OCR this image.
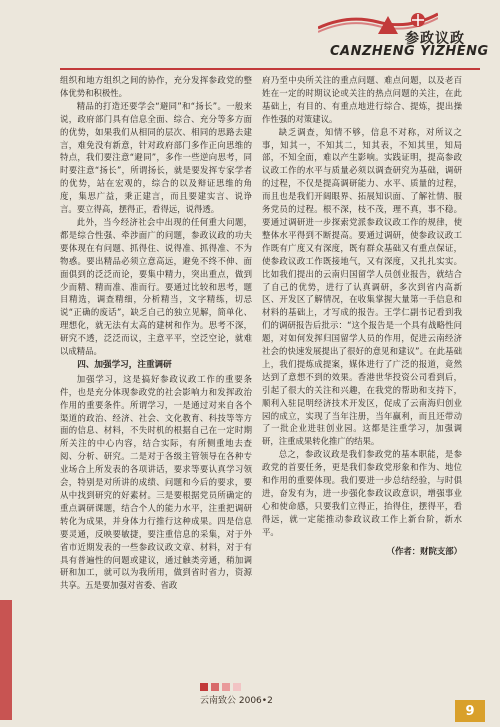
参政议政
CANZHENG YIZHENG

组织和地方组织之间的协作，充分发挥参政党的整体优势和积极性。

精品的打造还要学会“避同”和“扬长”。一般来说，政府部门具有信息全面、综合、充分等多方面的优势，如果我们从相同的层次、相同的思路去建言，难免没有新意，针对政府部门多作正向思维的特点，我们要注意“避同”，多作一些逆向思考，同时要注意“扬长”，所谓扬长，就是要发挥专家学者的优势，站在宏观的，综合的以及辩证思维的角度，集思广益，秉正建言，而且要建实言、说诤言。要立得高，摆得正，看得远，说得透。

此外，当今经济社会中出现的任何重大问题，都是综合性强、牵涉面广的问题，参政议政的功夫要体现在有问题、抓得住、说得准、抓得准、不为物惑。要出精品必须立意高远，避免不终不伸、面面俱到的泛泛而论，要集中精力，突出重点，做到少而精、精而准、准而行。要通过比较和思考，题目精选，调查精细，分析精当，文字精练，切忌说“正确的废话”，缺乏自己的独立见解，简单化、理想化，就无法有太高的建树和作为。思考不深，研究不透，泛泛而议，主意平平，空泛空论，就难以成精品。

四、加强学习，注重调研

加强学习，这是搞好参政议政工作的重要条件，也是充分体现参政党的社会影响力和发挥政治作用的重要条件。所谓学习，一是通过对来自各个渠道的政治、经济、社会、文化教育、科技等等方面的信息、材料，不失时机的根据自己在一定时期所关注的中心内容，结合实际，有所侧重地去查阅、分析、研究。二是对于各级主管领导在各种专业场合上所发表的各项讲话，要求等要认真学习领会，特别是对所讲的成绩、问题和今后的要求，要从中找到研究的好素材。三是要根据党员所确定的重点调研课题，结合个人的能力水平，注重把调研转化为成果，并身体力行推行这种成果。四是信息要灵通，反映要敏捷，要注重信息的采集，对于外省市近期发表的一些参政议政文章、材料，对于有具有普遍性的问题或建议，通过触类旁通，稍加调研和加工，就可以为我所用，做到省时省力，资源共享。五是要加强对省委、省政

府乃至中央所关注的重点问题、难点问题，以及老百姓在一定的时期议论或关注的热点问题的关注，在此基础上，有目的、有重点地进行综合、提炼，提出操作性强的对策建议。

缺乏调查，知情不够，信息不对称，对所议之事，知其一，不知其二，知其表，不知其里，知局部，不知全面，难以产生影响。实践证明，提高参政议政工作的水平与质量必须以调查研究为基础，调研的过程，不仅是提高调研能力、水平、质量的过程，而且也是我们开阔眼界、拓展知识面、了解社情、服务党员的过程。根不深，枝不茂，理不真，事不稳。要通过调研进一步探索党派参政议政工作的规律，使整体水平得到不断提高。要通过调研，使参政议政工作既有广度又有深度，既有群众基础又有重点保证，使参政议政工作既接地气，又有深度，又扎扎实实。比如我们提出的云南归国留学人员创业报告，就结合了自己的优势，进行了认真调研，多次到省内高新区、开发区了解情况，在收集掌握大量第一手信息和材料的基础上，才写成的报告。王学仁副书记看到我们的调研报告后批示：“这个报告是一个具有战略性问题，对如何发挥归国留学人员的作用，促进云南经济社会的快速发展提出了很好的意见和建议”。在此基础上，我们提炼成提案，媒体进行了广泛的报道，竟然达到了意想不到的效果。香港世华投资公司看到后，引起了很大的关注和兴趣，在我党的帮助和支持下，顺利入驻昆明经济技术开发区，促成了云南海归创业园的成立，实现了当年注册，当年赢利，而且还带动了一批企业进驻创业园。这都是注重学习，加强调研，注重成果转化推广的结果。

总之，参政议政是我们参政党的基本职能，是参政党的首要任务，更是我们参政党形象和作为、地位和作用的重要体现。我们要进一步总结经验，与时俱进，奋发有为，进一步强化参政议政意识，增强事业心和使命感，只要我们立得正，抬得住，摆得平，看得远，就一定能推动参政议政工作上新台阶，新水平。

（作者：财院支部）

云南致公 2006•2
9
